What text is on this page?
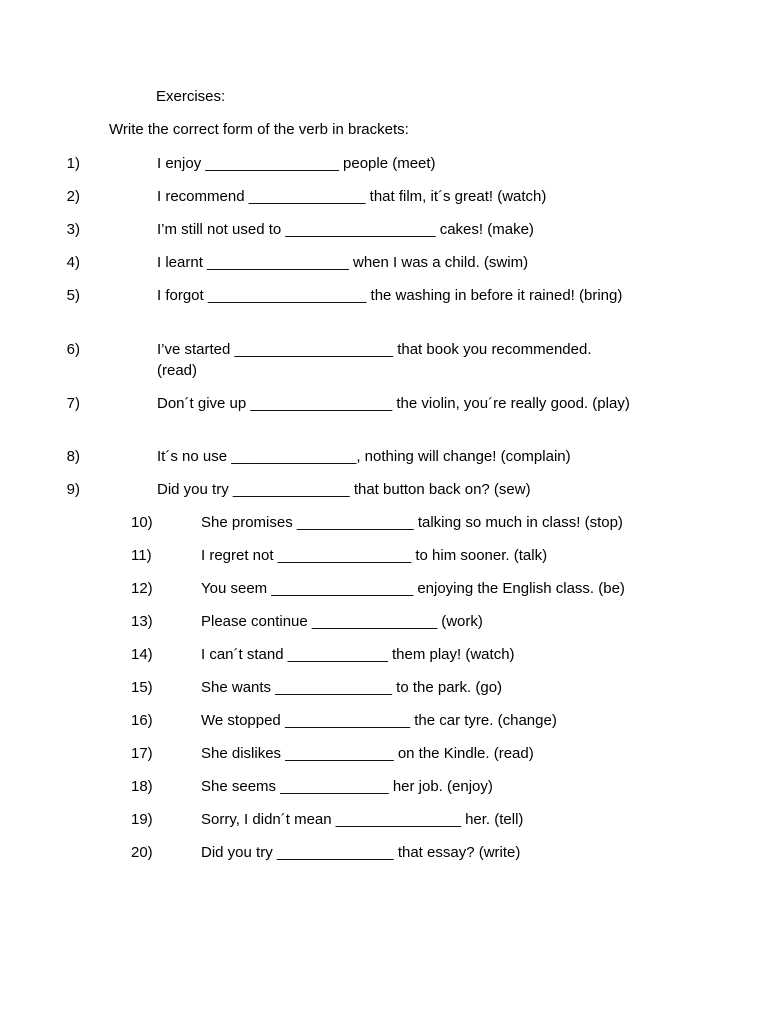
Exercises:
Write the correct form of the verb in brackets:
1)	I enjoy ________________ people (meet)
2)	I recommend ______________ that film, it´s great! (watch)
3)	I’m still not used to __________________ cakes! (make)
4)	I learnt _________________ when I was a child. (swim)
5)	I forgot ___________________ the washing in before it rained! (bring)
6)	I’ve started ___________________ that book you recommended. (read)
7)	Don´t give up _________________ the violin, you´re really good. (play)
8)	It´s no use _______________, nothing will change! (complain)
9)	Did you try ______________ that button back on? (sew)
10)	She promises ______________ talking so much in class! (stop)
11)	I regret not ________________ to him sooner. (talk)
12)	You seem _________________ enjoying the English class. (be)
13)	Please continue _______________ (work)
14)	I can´t stand ____________ them play! (watch)
15)	She wants ______________ to the park. (go)
16)	We stopped _______________ the car tyre. (change)
17)	She dislikes _____________ on the Kindle. (read)
18)	She seems _____________ her job. (enjoy)
19)	Sorry, I didn´t mean _______________ her. (tell)
20)	Did you try ______________ that essay? (write)
